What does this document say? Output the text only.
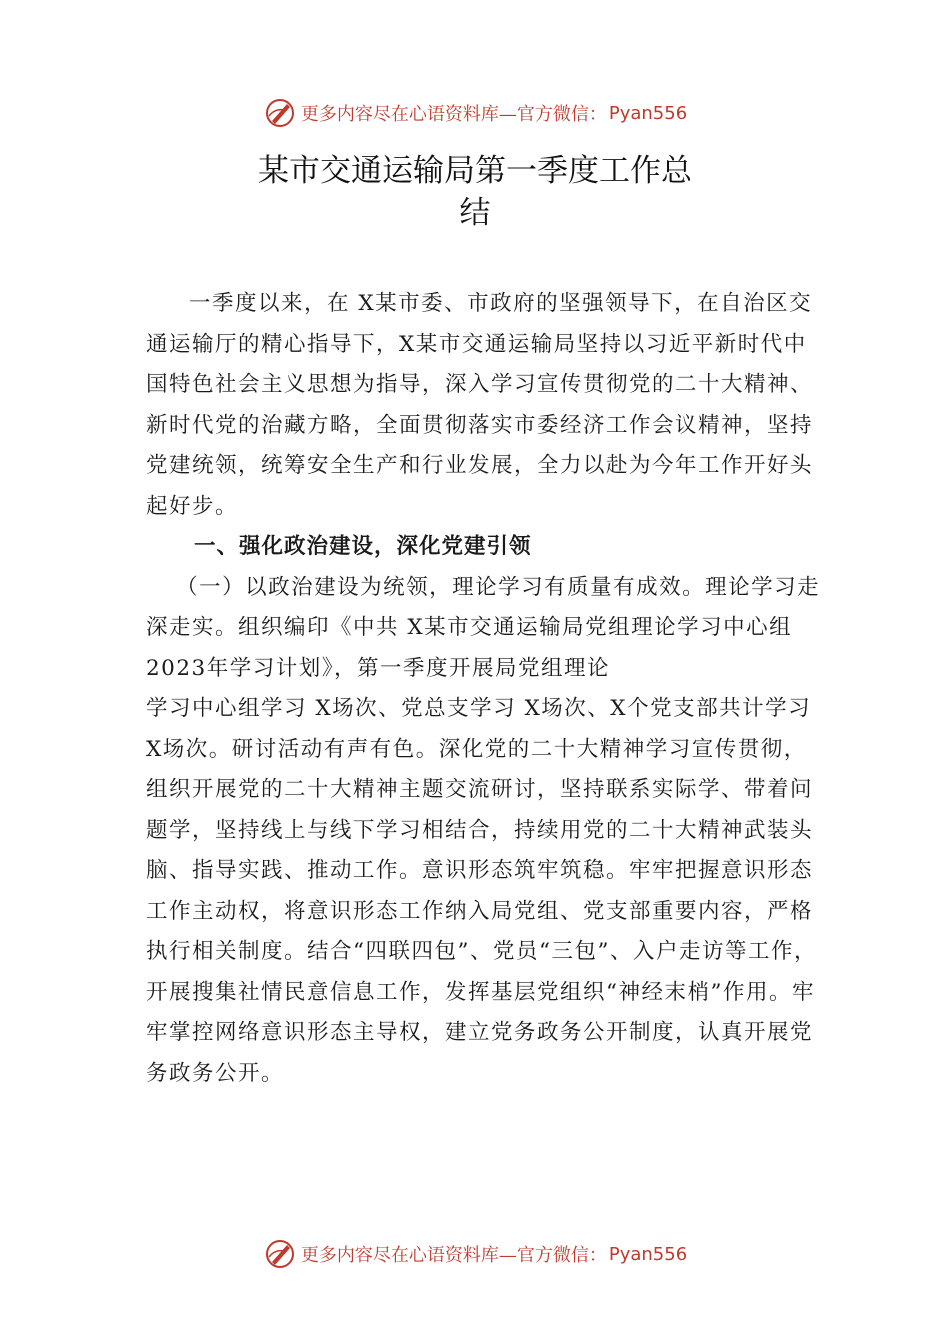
更多内容尽在心语资料库—官方微信： Pyan556
某市交通运输局第一季度工作总
结

一季度以来，在 X某市委、市政府的坚强领导下，在自治区交通运输厅的精心指导下，X某市交通运输局坚持以习近平新时代中国特色社会主义思想为指导，深入学习宣传贯彻党的二十大精神、新时代党的治藏方略，全面贯彻落实市委经济工作会议精神，坚持党建统领，统筹安全生产和行业发展，全力以赴为今年工作开好头起好步。

一、强化政治建设，深化党建引领

（一）以政治建设为统领，理论学习有质量有成效。理论学习走深走实。组织编印《中共 X某市交通运输局党组理论学习中心组 2023年学习计划》，第一季度开展局党组理论

学习中心组学习 X场次、党总支学习 X场次、X个党支部共计学习 X场次。研讨活动有声有色。深化党的二十大精神学习宣传贯彻，组织开展党的二十大精神主题交流研讨，坚持联系实际学、带着问题学，坚持线上与线下学习相结合，持续用党的二十大精神武装头脑、指导实践、推动工作。意识形态筑牢筑稳。牢牢把握意识形态工作主动权，将意识形态工作纳入局党组、党支部重要内容，严格执行相关制度。结合“四联四包”、党员“三包”、入户走访等工作，开展搜集社情民意信息工作，发挥基层党组织“神经末梢”作用。牢牢掌控网络意识形态主导权，建立党务政务公开制度，认真开展党务政务公开。

更多内容尽在心语资料库—官方微信： Pyan556
